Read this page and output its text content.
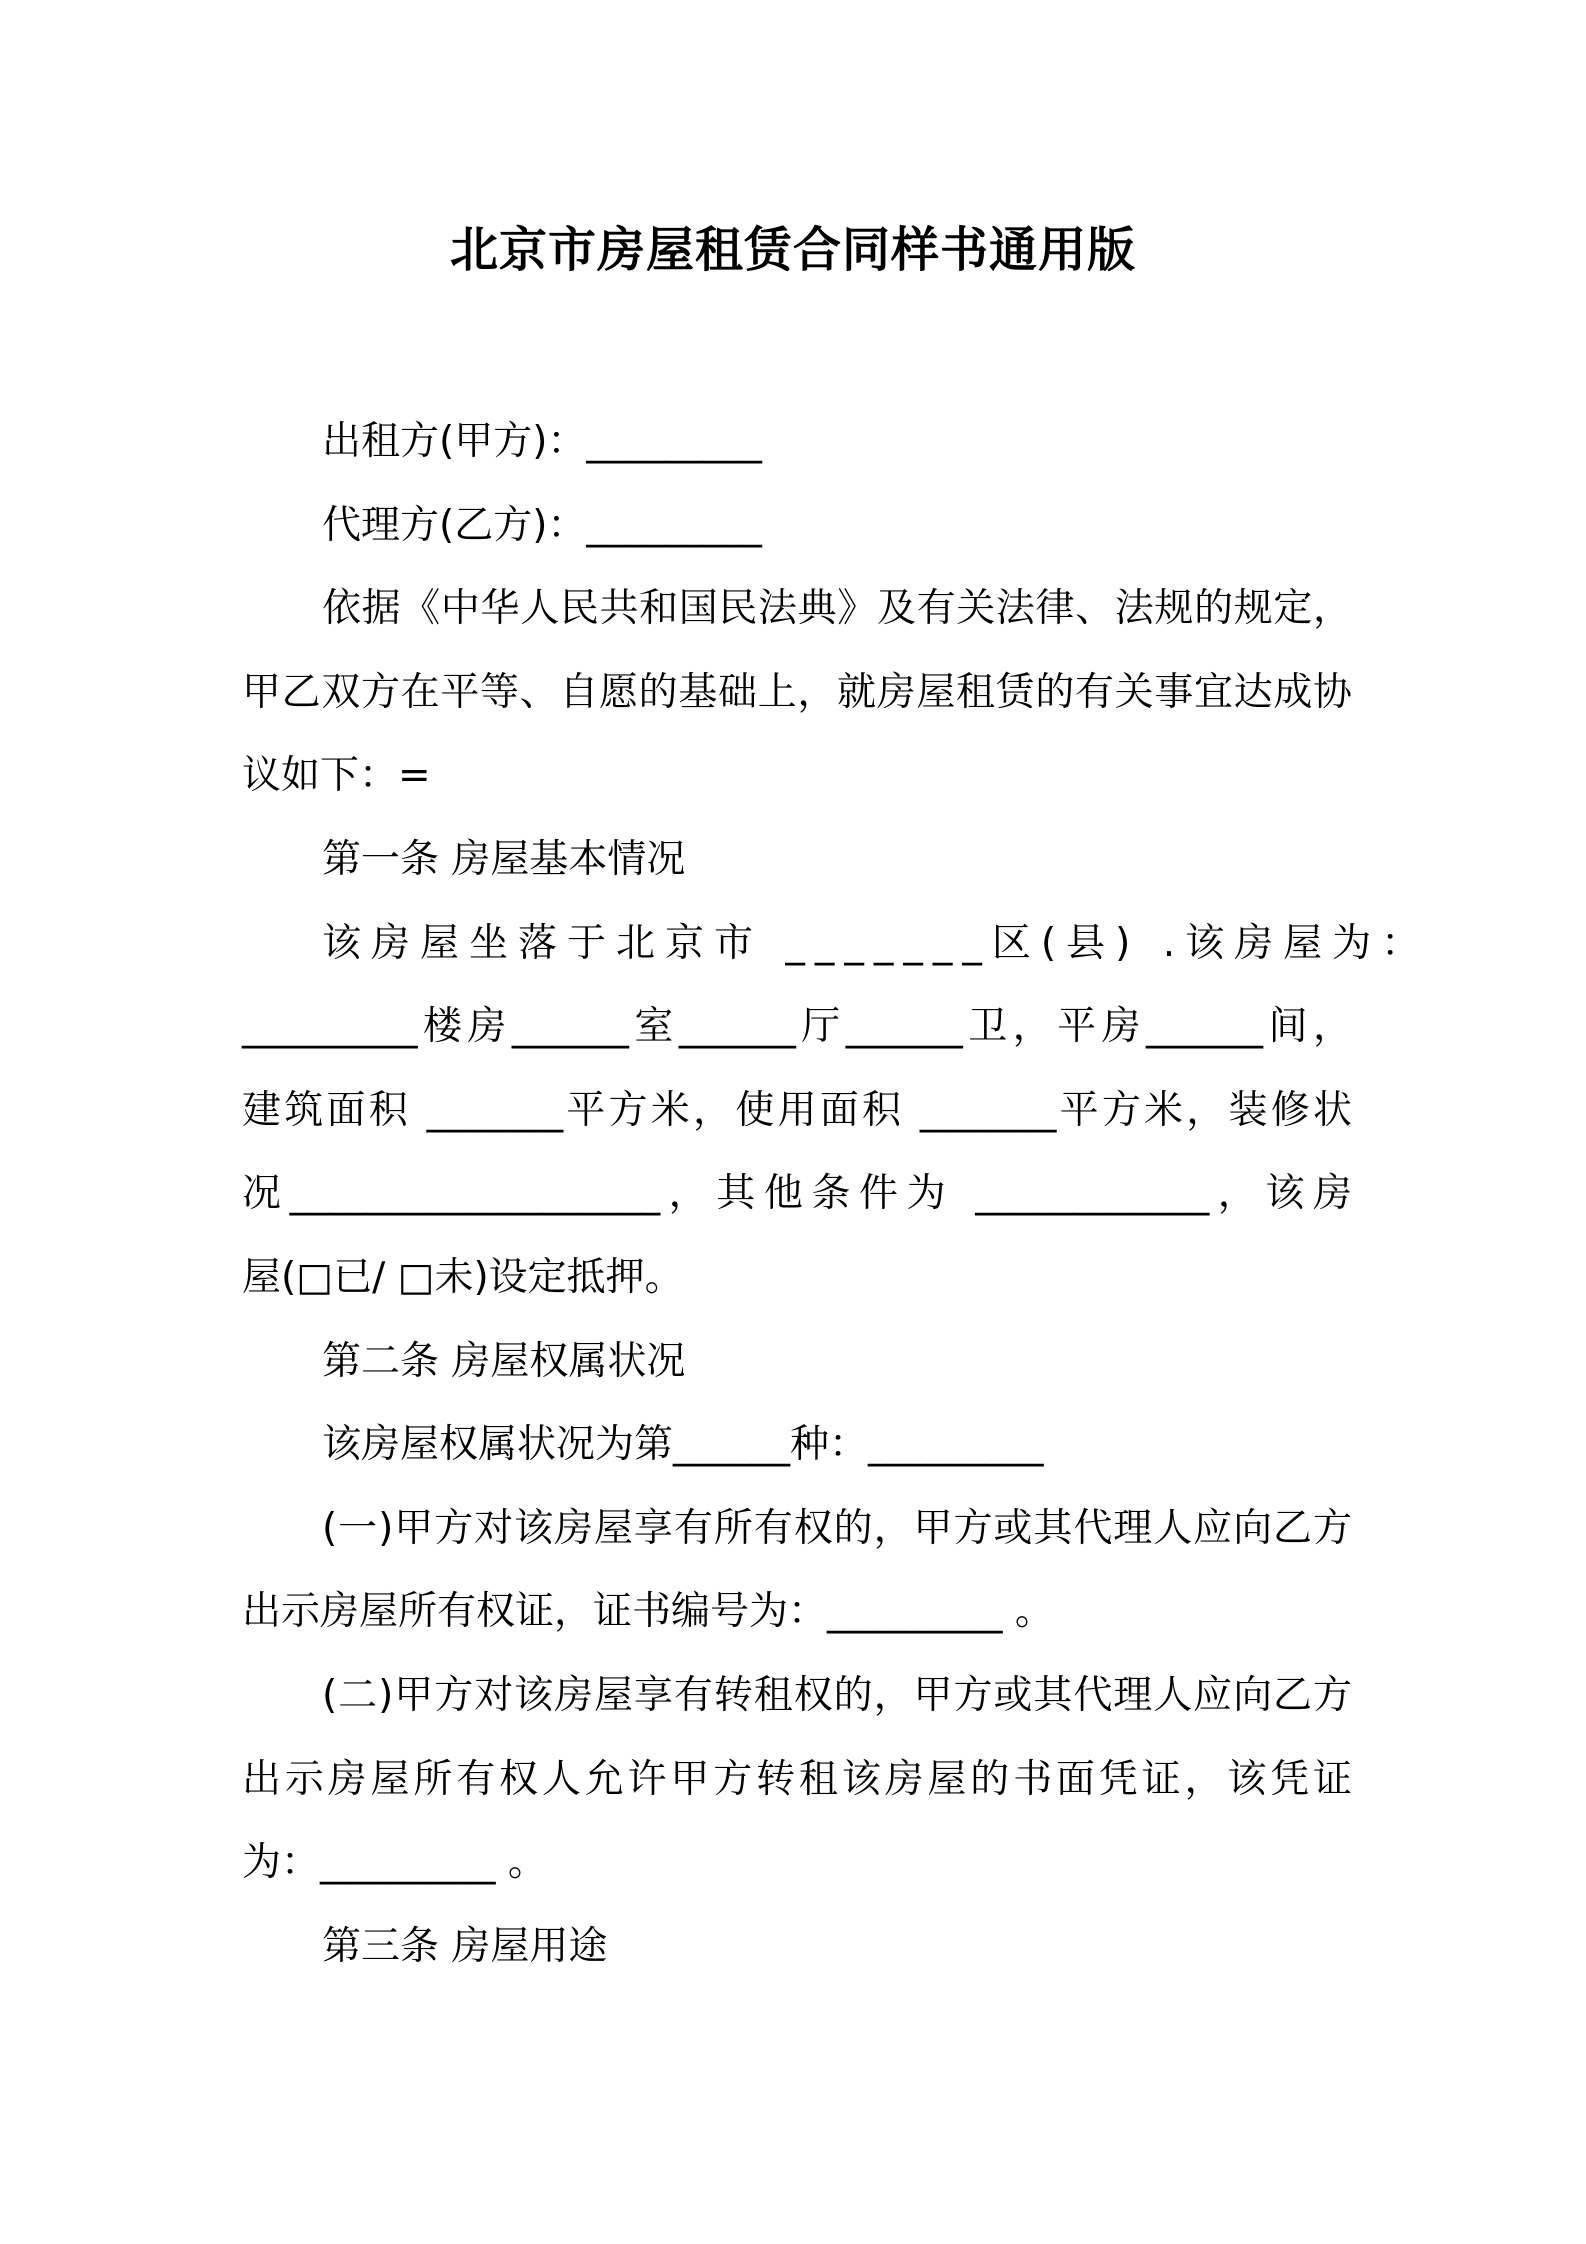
北京市房屋租赁合同样书通用版
出租方(甲方)：_________
代理方(乙方)：_________
依据《中华人民共和国民法典》及有关法律、法规的规定，
甲乙双方在平等、自愿的基础上，就房屋租赁的有关事宜达成协
议如下：=
第一条 房屋基本情况
该房屋坐落于北京市 _______区(县) .该房屋为：
_________楼房______室______厅______卫，平房______间，
建筑面积 _______平方米，使用面积 _______平方米，装修状
况___________________，其他条件为 ____________，该房
屋(□已/ □未)设定抵押。
第二条 房屋权属状况
该房屋权属状况为第______种：_________
(一)甲方对该房屋享有所有权的，甲方或其代理人应向乙方
出示房屋所有权证，证书编号为：_________ 。
(二)甲方对该房屋享有转租权的，甲方或其代理人应向乙方
出示房屋所有权人允许甲方转租该房屋的书面凭证，该凭证
为：_________ 。
第三条 房屋用途
